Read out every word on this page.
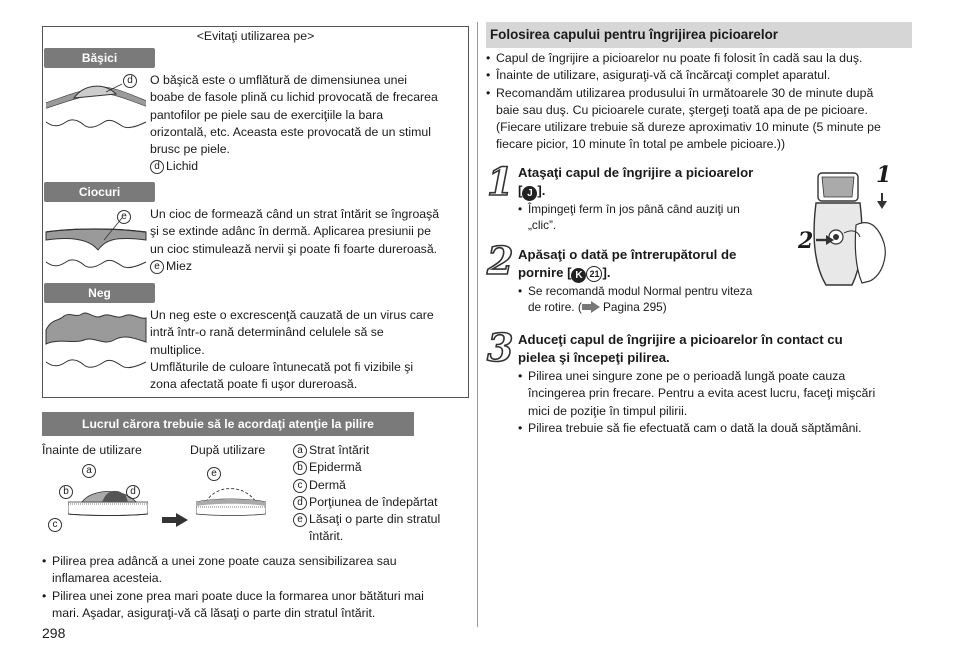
<Evitaţi utilizarea pe>
Băşici
d	O băşică este o umflătură de dimensiunea unei
boabe de fasole plină cu lichid provocată de frecarea
pantofilor pe piele sau de exerciţiile la bara
orizontală, etc. Aceasta este provocată de un stimul
brusc pe piele.
d Lichid
Ciocuri
e	Un cioc de formează când un strat întărit se îngroaşă
şi se extinde adânc în dermă. Aplicarea presiunii pe
un cioc stimulează nervii şi poate fi foarte dureroasă.
e Miez
Neg
Un neg este o excrescenţă cauzată de un virus care
intră într-o rană determinând celulele să se
multiplice.
Umflăturile de culoare întunecată pot fi vizibile şi
zona afectată poate fi uşor dureroasă.
Lucrul cărora trebuie să le acordaţi atenţie la pilire
Înainte de utilizare	După utilizare
a
b	d
c
e
a Strat întărit
b Epidermă
c Dermă
d Porţiunea de îndepărtat
e Lăsaţi o parte din stratul
întărit.
• Pilirea prea adâncă a unei zone poate cauza sensibilizarea sau
inflamarea acesteia.
• Pilirea unei zone prea mari poate duce la formarea unor bătături mai
mari. Aşadar, asiguraţi-vă că lăsaţi o parte din stratul întărit.
298
Folosirea capului pentru îngrijirea picioarelor
• Capul de îngrijire a picioarelor nu poate fi folosit în cadă sau la duş.
• Înainte de utilizare, asiguraţi-vă că încărcaţi complet aparatul.
• Recomandăm utilizarea produsului în următoarele 30 de minute după
baie sau duş. Cu picioarele curate, ştergeţi toată apa de pe picioare.
(Fiecare utilizare trebuie să dureze aproximativ 10 minute (5 minute pe
fiecare picior, 10 minute în total pe ambele picioare.))
1 Ataşaţi capul de îngrijire a picioarelor
[ J ].
• Împingeţi ferm în jos până când auziţi un
„clic”.
2 Apăsaţi o dată pe întrerupătorul de
pornire [ K 21 ].
• Se recomandă modul Normal pentru viteza
de rotire. ( Pagina 295)
3 Aduceţi capul de îngrijire a picioarelor în contact cu
pielea şi începeţi pilirea.
• Pilirea unei singure zone pe o perioadă lungă poate cauza
încingerea prin frecare. Pentru a evita acest lucru, faceţi mişcări
mici de poziţie în timpul pilirii.
• Pilirea trebuie să fie efectuată cam o dată la două săptămâni.
1
2
